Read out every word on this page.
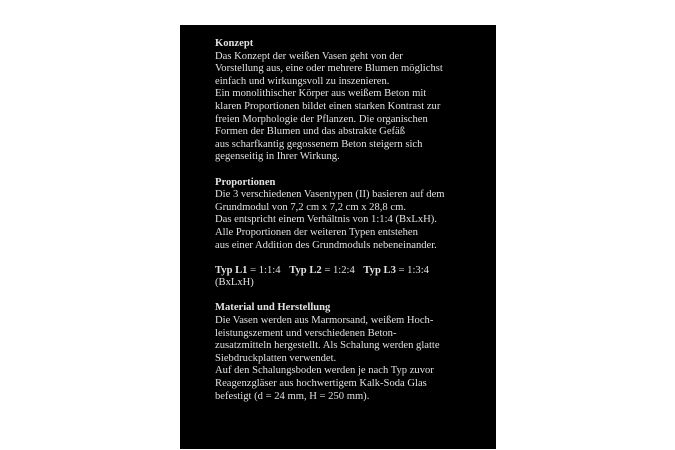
Konzept
Das Konzept der weißen Vasen geht von der
Vorstellung aus, eine oder mehrere Blumen möglichst
einfach und wirkungsvoll zu inszenieren.
Ein monolithischer Körper aus weißem Beton mit
klaren Proportionen bildet einen starken Kontrast zur
freien Morphologie der Pflanzen. Die organischen
Formen der Blumen und das abstrakte Gefäß
aus scharfkantig gegossenem Beton steigern sich
gegenseitig in Ihrer Wirkung.
Proportionen
Die 3 verschiedenen Vasentypen (II) basieren auf dem
Grundmodul von 7,2 cm x 7,2 cm x 28,8 cm.
Das entspricht einem Verhältnis von 1:1:4 (BxLxH).
Alle Proportionen der weiteren Typen entstehen
aus einer Addition des Grundmoduls nebeneinander.
Typ L1 = 1:1:4 Typ L2 = 1:2:4 Typ L3 = 1:3:4
(BxLxH)
Material und Herstellung
Die Vasen werden aus Marmorsand, weißem Hoch-
leistungszement und verschiedenen Beton-
zusatzmitteln hergestellt. Als Schalung werden glatte
Siebdruckplatten verwendet.
Auf den Schalungsboden werden je nach Typ zuvor
Reagenzgläser aus hochwertigem Kalk-Soda Glas
befestigt (d = 24 mm, H = 250 mm).
